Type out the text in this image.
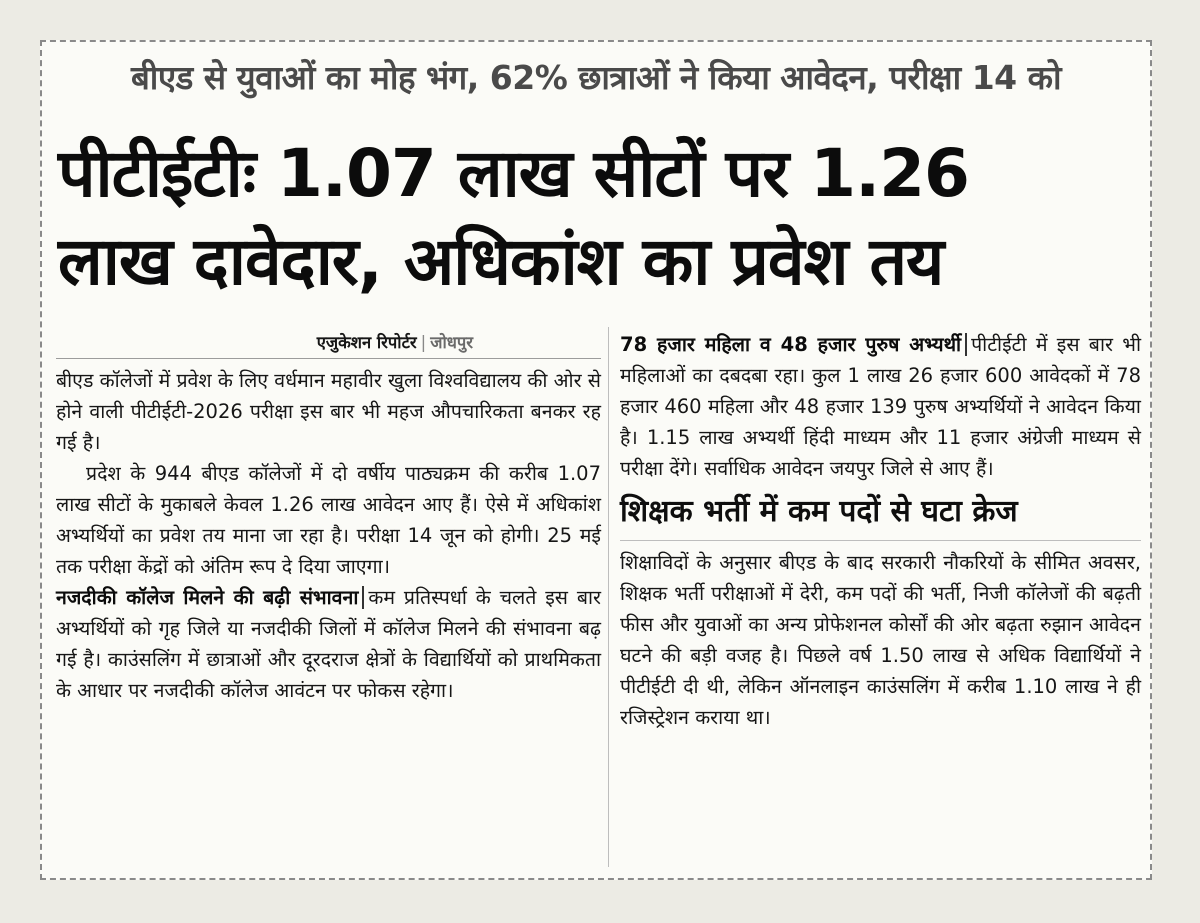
बीएड से युवाओं का मोह भंग, 62% छात्राओं ने किया आवेदन, परीक्षा 14 को
पीटीईटीः 1.07 लाख सीटों पर 1.26
लाख दावेदार, अधिकांश का प्रवेश तय
एजुकेशन रिपोर्टर | जोधपुर

बीएड कॉलेजों में प्रवेश के लिए वर्धमान महावीर खुला विश्वविद्यालय की ओर से होने वाली पीटीईटी-2026 परीक्षा इस बार भी महज औपचारिकता बनकर रह गई है।

प्रदेश के 944 बीएड कॉलेजों में दो वर्षीय पाठ्यक्रम की करीब 1.07 लाख सीटों के मुकाबले केवल 1.26 लाख आवेदन आए हैं। ऐसे में अधिकांश अभ्यर्थियों का प्रवेश तय माना जा रहा है। परीक्षा 14 जून को होगी। 25 मई तक परीक्षा केंद्रों को अंतिम रूप दे दिया जाएगा।

नजदीकी कॉलेज मिलने की बढ़ी संभावना कम प्रतिस्पर्धा के चलते इस बार अभ्यर्थियों को गृह जिले या नजदीकी जिलों में कॉलेज मिलने की संभावना बढ़ गई है। काउंसलिंग में छात्राओं और दूरदराज क्षेत्रों के विद्यार्थियों को प्राथमिकता के आधार पर नजदीकी कॉलेज आवंटन पर फोकस रहेगा।

78 हजार महिला व 48 हजार पुरुष अभ्यर्थी पीटीईटी में इस बार भी महिलाओं का दबदबा रहा। कुल 1 लाख 26 हजार 600 आवेदकों में 78 हजार 460 महिला और 48 हजार 139 पुरुष अभ्यर्थियों ने आवेदन किया है। 1.15 लाख अभ्यर्थी हिंदी माध्यम और 11 हजार अंग्रेजी माध्यम से परीक्षा देंगे। सर्वाधिक आवेदन जयपुर जिले से आए हैं।

शिक्षक भर्ती में कम पदों से घटा क्रेज

शिक्षाविदों के अनुसार बीएड के बाद सरकारी नौकरियों के सीमित अवसर, शिक्षक भर्ती परीक्षाओं में देरी, कम पदों की भर्ती, निजी कॉलेजों की बढ़ती फीस और युवाओं का अन्य प्रोफेशनल कोर्सों की ओर बढ़ता रुझान आवेदन घटने की बड़ी वजह है। पिछले वर्ष 1.50 लाख से अधिक विद्यार्थियों ने पीटीईटी दी थी, लेकिन ऑनलाइन काउंसलिंग में करीब 1.10 लाख ने ही रजिस्ट्रेशन कराया था।
